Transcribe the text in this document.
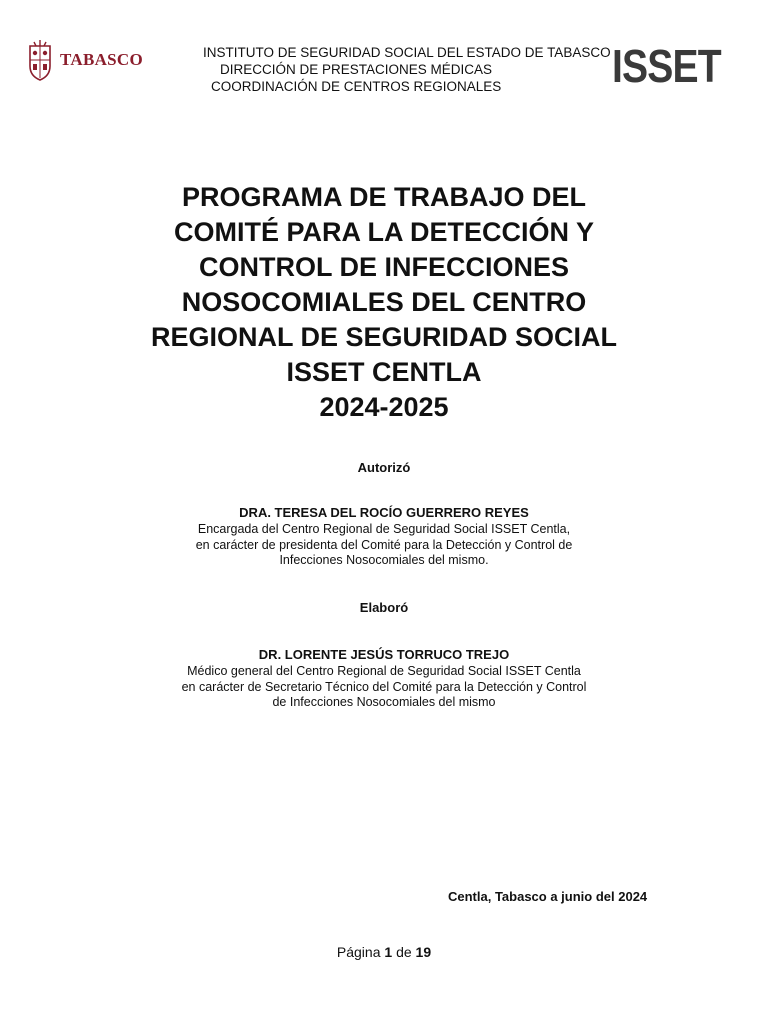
TABASCO	INSTITUTO DE SEGURIDAD SOCIAL DEL ESTADO DE TABASCO
DIRECCIÓN DE PRESTACIONES MÉDICAS
COORDINACIÓN DE CENTROS REGIONALES	ISSET
PROGRAMA DE TRABAJO DEL
COMITÉ PARA LA DETECCIÓN Y
CONTROL DE INFECCIONES
NOSOCOMIALES DEL CENTRO
REGIONAL DE SEGURIDAD SOCIAL
ISSET CENTLA
2024-2025
Autorizó
DRA. TERESA DEL ROCÍO GUERRERO REYES
Encargada del Centro Regional de Seguridad Social ISSET Centla,
en carácter de presidenta del Comité para la Detección y Control de
Infecciones Nosocomiales del mismo.
Elaboró
DR. LORENTE JESÚS TORRUCO TREJO
Médico general del Centro Regional de Seguridad Social ISSET Centla
en carácter de Secretario Técnico del Comité para la Detección y Control
de Infecciones Nosocomiales del mismo
Centla, Tabasco a junio del 2024
Página 1 de 19
